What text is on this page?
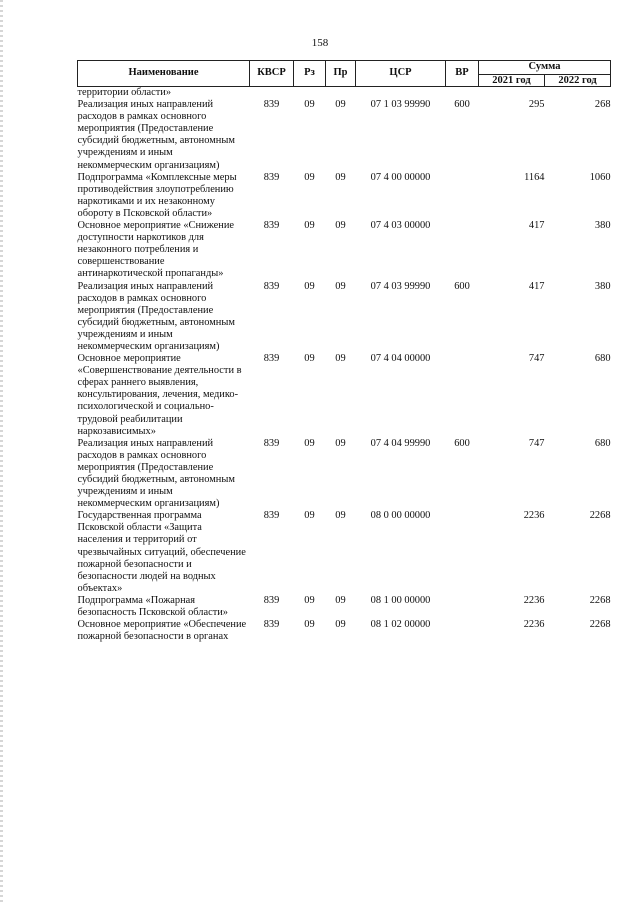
158
Наименование	КВСР	Рз	Пр	ЦСР	ВР	Сумма	
						2021 год	2022 год
территории области»							
Реализация иных направлений расходов в рамках основного мероприятия (Предоставление субсидий бюджетным, автономным учреждениям и иным некоммерческим организациям)	839	09	09	07 1 03 99990	600	295	268
Подпрограмма «Комплексные меры противодействия злоупотреблению наркотиками и их незаконному обороту в Псковской области»	839	09	09	07 4 00 00000		1164	1060
Основное мероприятие «Снижение доступности наркотиков для незаконного потребления и совершенствование антинаркотической пропаганды»	839	09	09	07 4 03 00000		417	380
Реализация иных направлений расходов в рамках основного мероприятия (Предоставление субсидий бюджетным, автономным учреждениям и иным некоммерческим организациям)	839	09	09	07 4 03 99990	600	417	380
Основное мероприятие «Совершенствование деятельности в сферах раннего выявления, консультирования, лечения, медико-психологической и социально-трудовой реабилитации наркозависимых»	839	09	09	07 4 04 00000		747	680
Реализация иных направлений расходов в рамках основного мероприятия (Предоставление субсидий бюджетным, автономным учреждениям и иным некоммерческим организациям)	839	09	09	07 4 04 99990	600	747	680
Государственная программа Псковской области «Защита населения и территорий от чрезвычайных ситуаций, обеспечение пожарной безопасности и безопасности людей на водных объектах»	839	09	09	08 0 00 00000		2236	2268
Подпрограмма «Пожарная безопасность Псковской области»	839	09	09	08 1 00 00000		2236	2268
Основное мероприятие «Обеспечение пожарной безопасности в органах	839	09	09	08 1 02 00000		2236	2268
